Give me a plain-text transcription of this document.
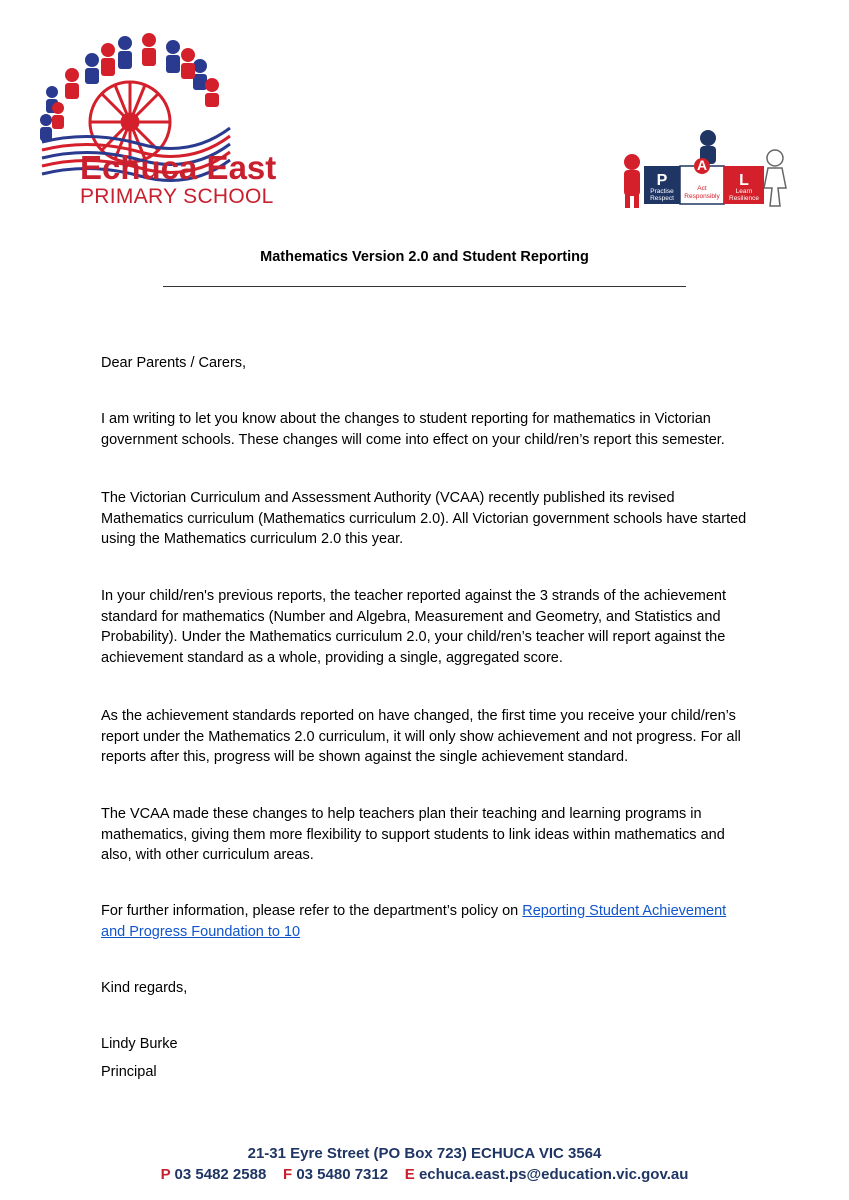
Echuca East
PRIMARY SCHOOL
P
A
L
Practise
Respect
Act
Responsibly
Learn
Resilience
Mathematics Version 2.0 and Student Reporting

Dear Parents / Carers,

I am writing to let you know about the changes to student reporting for mathematics in Victorian government schools. These changes will come into effect on your child/ren’s report this semester.

The Victorian Curriculum and Assessment Authority (VCAA) recently published its revised Mathematics curriculum (Mathematics curriculum 2.0). All Victorian government schools have started using the Mathematics curriculum 2.0 this year.

In your child/ren's previous reports, the teacher reported against the 3 strands of the achievement standard for mathematics (Number and Algebra, Measurement and Geometry, and Statistics and Probability). Under the Mathematics curriculum 2.0, your child/ren’s teacher will report against the achievement standard as a whole, providing a single, aggregated score.

As the achievement standards reported on have changed, the first time you receive your child/ren’s report under the Mathematics 2.0 curriculum, it will only show achievement and not progress. For all reports after this, progress will be shown against the single achievement standard.

The VCAA made these changes to help teachers plan their teaching and learning programs in mathematics, giving them more flexibility to support students to link ideas within mathematics and also, with other curriculum areas.

For further information, please refer to the department’s policy on Reporting Student Achievement and Progress Foundation to 10

Kind regards,

Lindy Burke

Principal

21-31 Eyre Street (PO Box 723) ECHUCA VIC 3564
P 03 5482 2588 F 03 5480 7312 E echuca.east.ps@education.vic.gov.au
